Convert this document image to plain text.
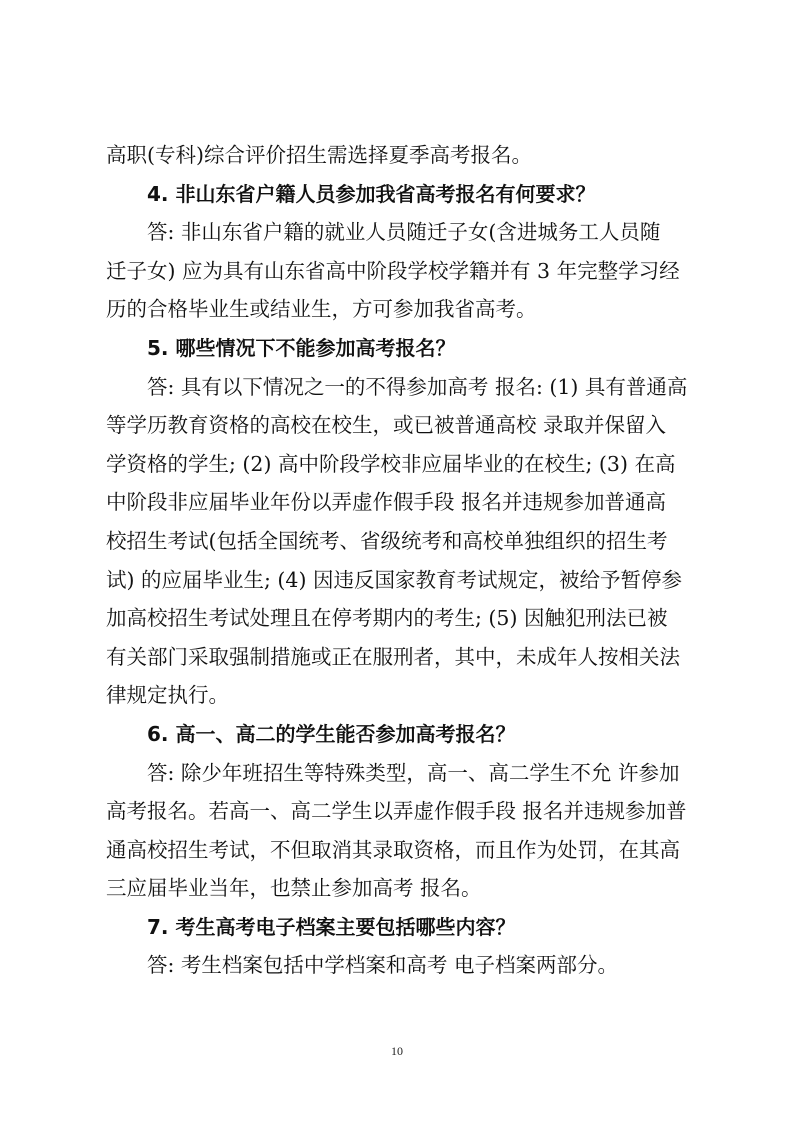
高职(专科)综合评价招生需选择夏季高考报名。
4. 非山东省户籍人员参加我省高考报名有何要求？
答: 非山东省户籍的就业人员随迁子女(含进城务工人员随
迁子女) 应为具有山东省高中阶段学校学籍并有 3 年完整学习经
历的合格毕业生或结业生，方可参加我省高考。
5. 哪些情况下不能参加高考报名？
答: 具有以下情况之一的不得参加高考 报名: (1) 具有普通高
等学历教育资格的高校在校生，或已被普通高校 录取并保留入
学资格的学生; (2) 高中阶段学校非应届毕业的在校生; (3) 在高
中阶段非应届毕业年份以弄虚作假手段 报名并违规参加普通高
校招生考试(包括全国统考、省级统考和高校单独组织的招生考
试) 的应届毕业生; (4) 因违反国家教育考试规定，被给予暂停参
加高校招生考试处理且在停考期内的考生; (5) 因触犯刑法已被
有关部门采取强制措施或正在服刑者，其中，未成年人按相关法
律规定执行。
6. 高一、高二的学生能否参加高考报名？
答: 除少年班招生等特殊类型，高一、高二学生不允 许参加
高考报名。若高一、高二学生以弄虚作假手段 报名并违规参加普
通高校招生考试，不但取消其录取资格，而且作为处罚，在其高
三应届毕业当年，也禁止参加高考 报名。
7. 考生高考电子档案主要包括哪些内容？
答: 考生档案包括中学档案和高考 电子档案两部分。
10
